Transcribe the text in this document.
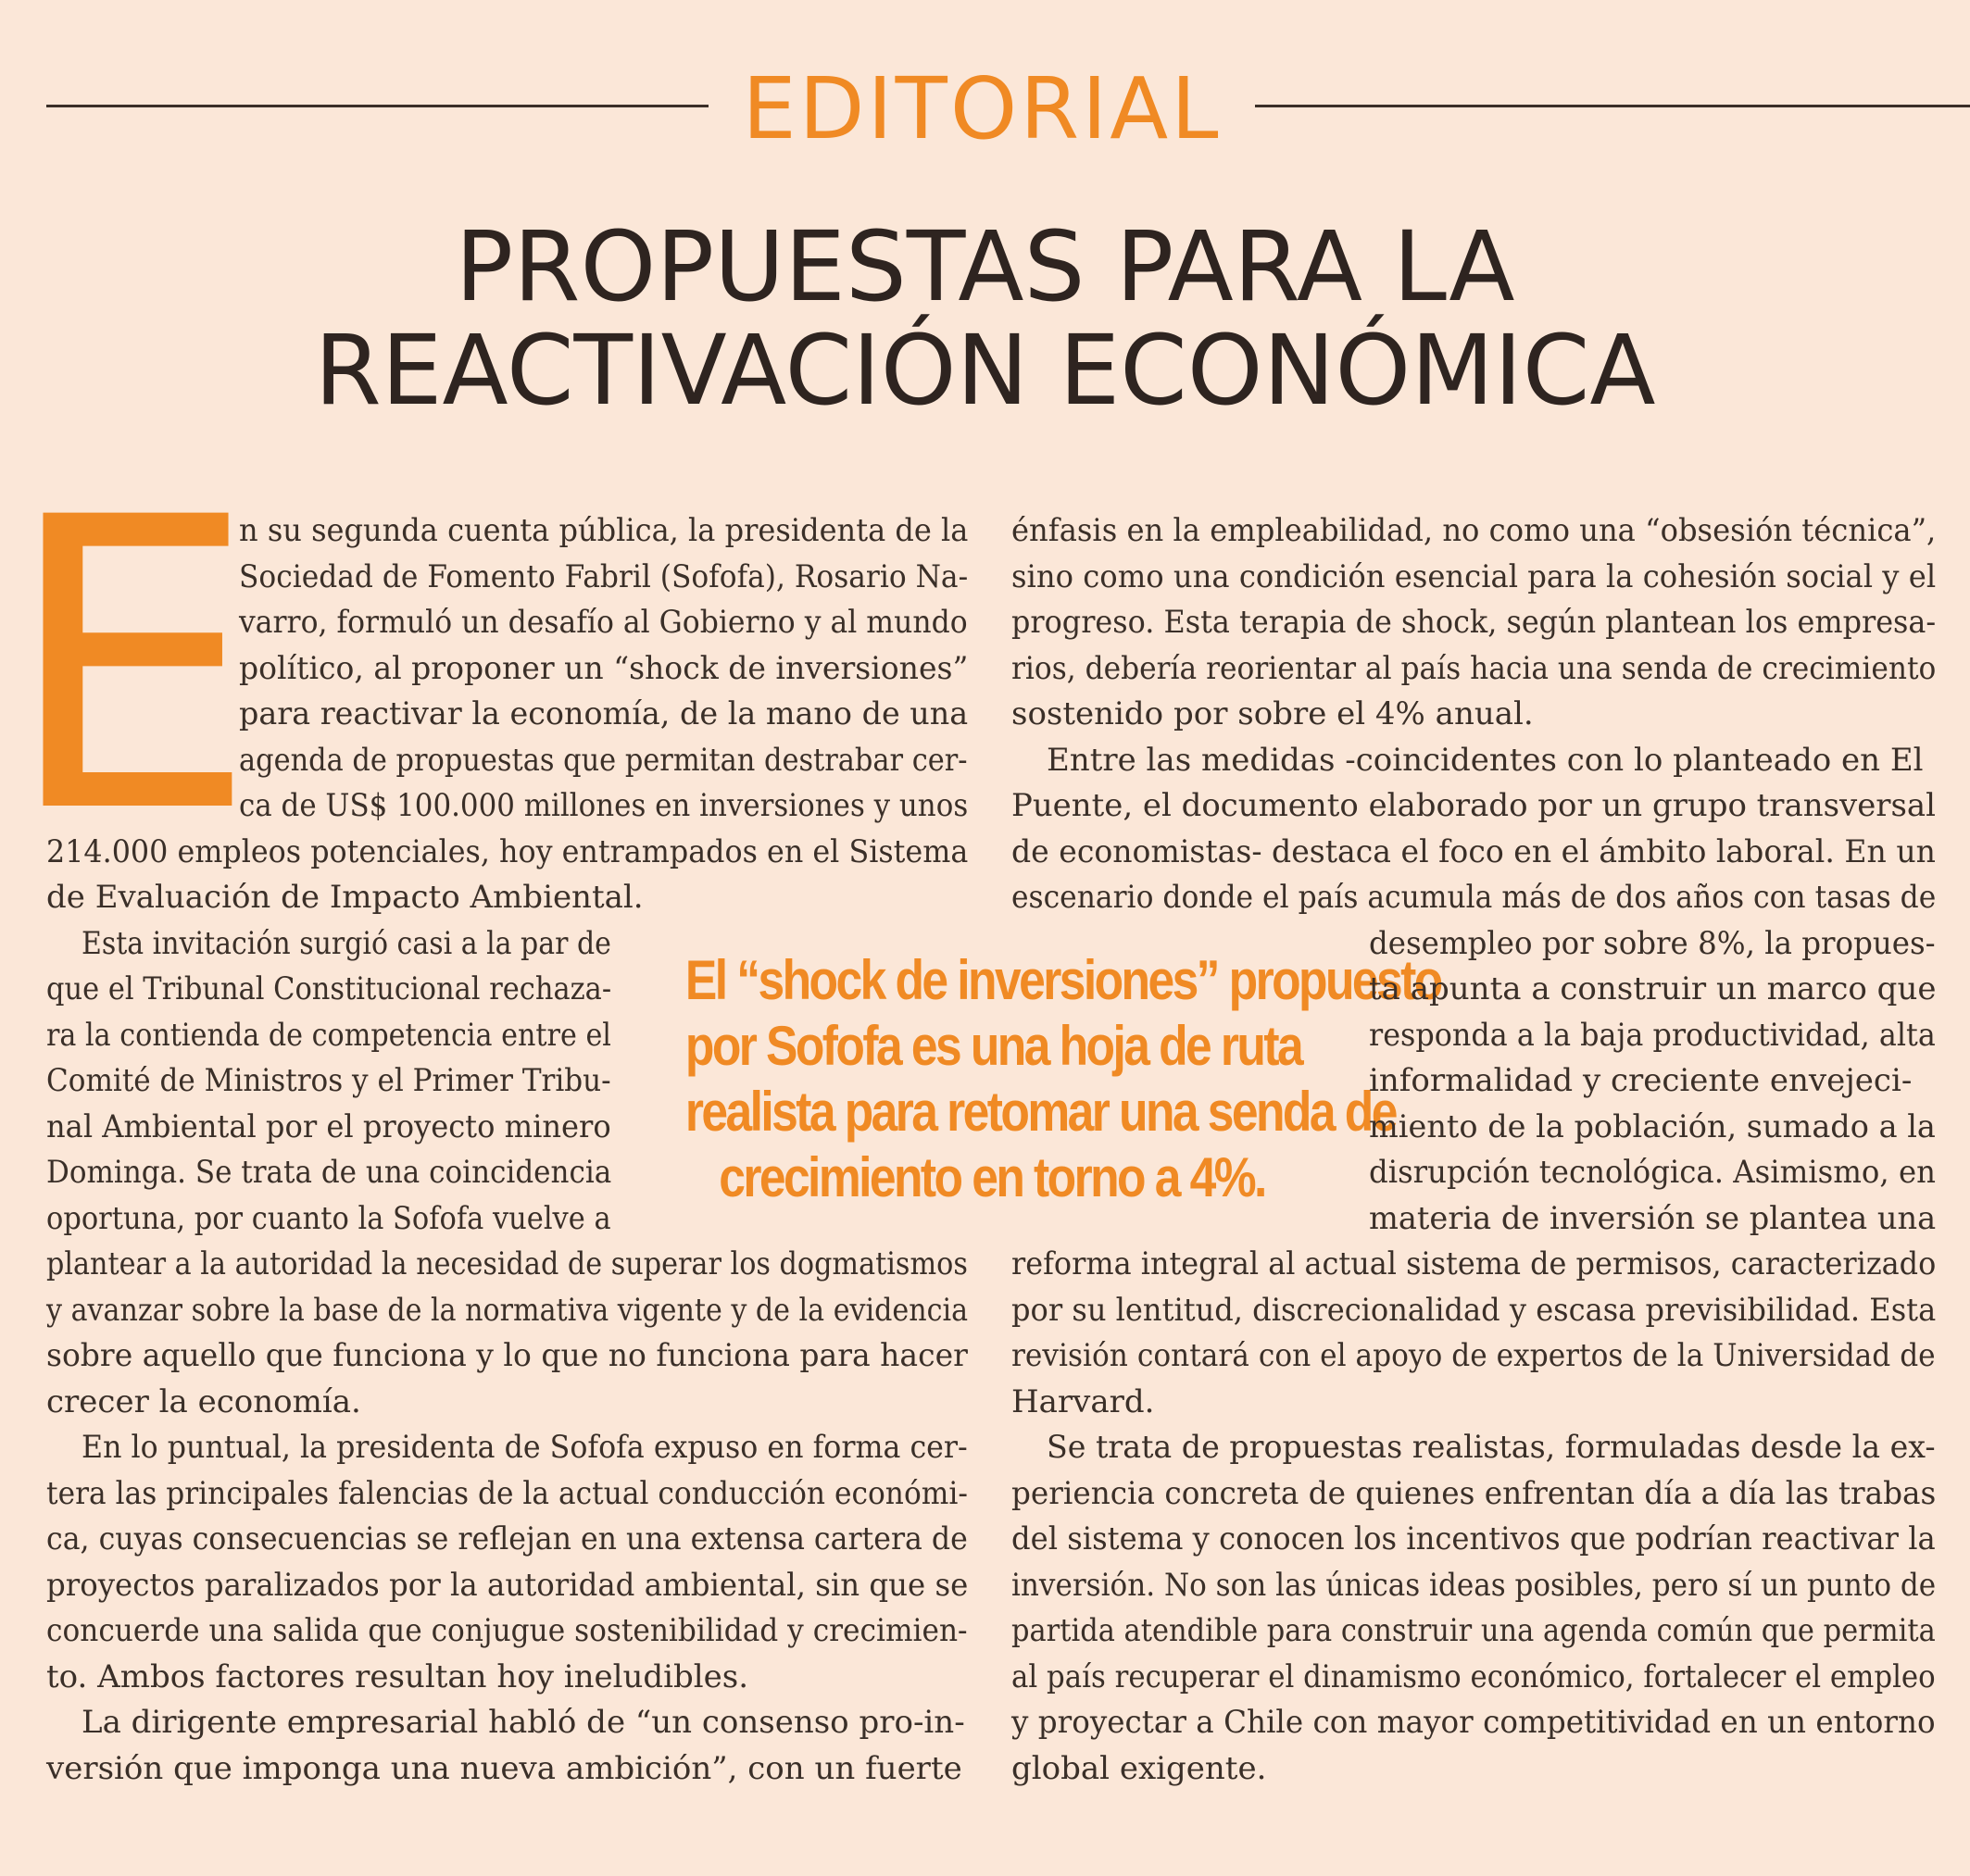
EDITORIAL
PROPUESTAS PARA LA
REACTIVACIÓN ECONÓMICA
E
El “shock de inversiones” propuesto
por Sofofa es una hoja de ruta
realista para retomar una senda de
crecimiento en torno a 4%.
n su segunda cuenta pública, la presidenta de la
Sociedad de Fomento Fabril (Sofofa), Rosario Na-
varro, formuló un desafío al Gobierno y al mundo
político, al proponer un “shock de inversiones”
para reactivar la economía, de la mano de una
agenda de propuestas que permitan destrabar cer-
ca de US$ 100.000 millones en inversiones y unos
214.000 empleos potenciales, hoy entrampados en el Sistema
de Evaluación de Impacto Ambiental.
Esta invitación surgió casi a la par de
que el Tribunal Constitucional rechaza-
ra la contienda de competencia entre el
Comité de Ministros y el Primer Tribu-
nal Ambiental por el proyecto minero
Dominga. Se trata de una coincidencia
oportuna, por cuanto la Sofofa vuelve a
plantear a la autoridad la necesidad de superar los dogmatismos
y avanzar sobre la base de la normativa vigente y de la evidencia
sobre aquello que funciona y lo que no funciona para hacer
crecer la economía.
En lo puntual, la presidenta de Sofofa expuso en forma cer-
tera las principales falencias de la actual conducción económi-
ca, cuyas consecuencias se reflejan en una extensa cartera de
proyectos paralizados por la autoridad ambiental, sin que se
concuerde una salida que conjugue sostenibilidad y crecimien-
to. Ambos factores resultan hoy ineludibles.
La dirigente empresarial habló de “un consenso pro-in-
versión que imponga una nueva ambición”, con un fuerte
énfasis en la empleabilidad, no como una “obsesión técnica”,
sino como una condición esencial para la cohesión social y el
progreso. Esta terapia de shock, según plantean los empresa-
rios, debería reorientar al país hacia una senda de crecimiento
sostenido por sobre el 4% anual.
Entre las medidas -coincidentes con lo planteado en El
Puente, el documento elaborado por un grupo transversal
de economistas- destaca el foco en el ámbito laboral. En un
escenario donde el país acumula más de dos años con tasas de
desempleo por sobre 8%, la propues-
ta apunta a construir un marco que
responda a la baja productividad, alta
informalidad y creciente envejeci-
miento de la población, sumado a la
disrupción tecnológica. Asimismo, en
materia de inversión se plantea una
reforma integral al actual sistema de permisos, caracterizado
por su lentitud, discrecionalidad y escasa previsibilidad. Esta
revisión contará con el apoyo de expertos de la Universidad de
Harvard.
Se trata de propuestas realistas, formuladas desde la ex-
periencia concreta de quienes enfrentan día a día las trabas
del sistema y conocen los incentivos que podrían reactivar la
inversión. No son las únicas ideas posibles, pero sí un punto de
partida atendible para construir una agenda común que permita
al país recuperar el dinamismo económico, fortalecer el empleo
y proyectar a Chile con mayor competitividad en un entorno
global exigente.
